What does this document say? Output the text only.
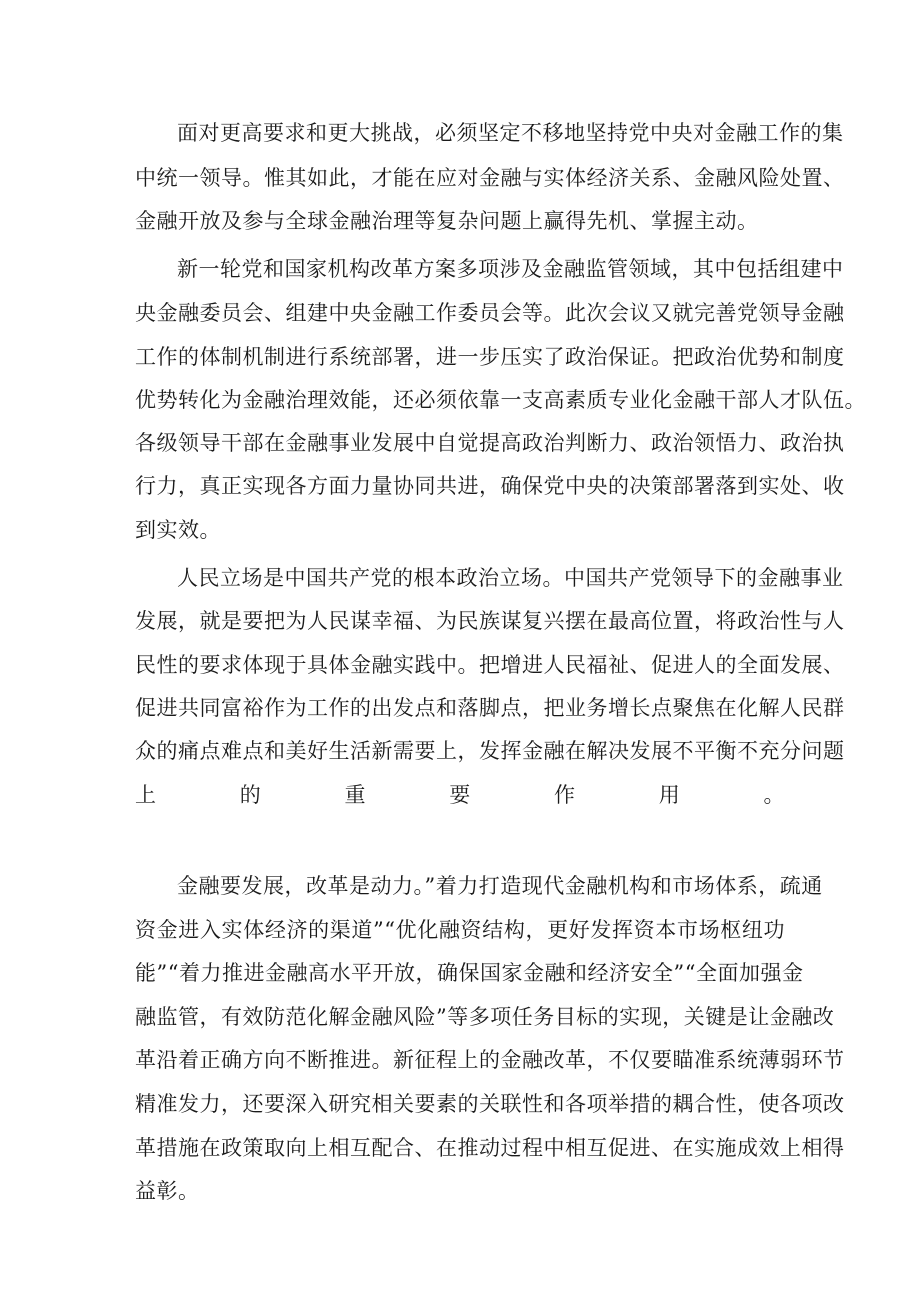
面对更高要求和更大挑战，必须坚定不移地坚持党中央对金融工作的集
中统一领导。惟其如此，才能在应对金融与实体经济关系、金融风险处置、
金融开放及参与全球金融治理等复杂问题上赢得先机、掌握主动。
新一轮党和国家机构改革方案多项涉及金融监管领域，其中包括组建中
央金融委员会、组建中央金融工作委员会等。此次会议又就完善党领导金融
工作的体制机制进行系统部署，进一步压实了政治保证。把政治优势和制度
优势转化为金融治理效能，还必须依靠一支高素质专业化金融干部人才队伍。
各级领导干部在金融事业发展中自觉提高政治判断力、政治领悟力、政治执
行力，真正实现各方面力量协同共进，确保党中央的决策部署落到实处、收
到实效。
人民立场是中国共产党的根本政治立场。中国共产党领导下的金融事业
发展，就是要把为人民谋幸福、为民族谋复兴摆在最高位置，将政治性与人
民性的要求体现于具体金融实践中。把增进人民福祉、促进人的全面发展、
促进共同富裕作为工作的出发点和落脚点，把业务增长点聚焦在化解人民群
众的痛点难点和美好生活新需要上，发挥金融在解决发展不平衡不充分问题
上的重要作用。
金融要发展，改革是动力。”着力打造现代金融机构和市场体系，疏通
资金进入实体经济的渠道”“优化融资结构，更好发挥资本市场枢纽功
能”“着力推进金融高水平开放，确保国家金融和经济安全”“全面加强金
融监管，有效防范化解金融风险”等多项任务目标的实现，关键是让金融改
革沿着正确方向不断推进。新征程上的金融改革，不仅要瞄准系统薄弱环节
精准发力，还要深入研究相关要素的关联性和各项举措的耦合性，使各项改
革措施在政策取向上相互配合、在推动过程中相互促进、在实施成效上相得
益彰。
